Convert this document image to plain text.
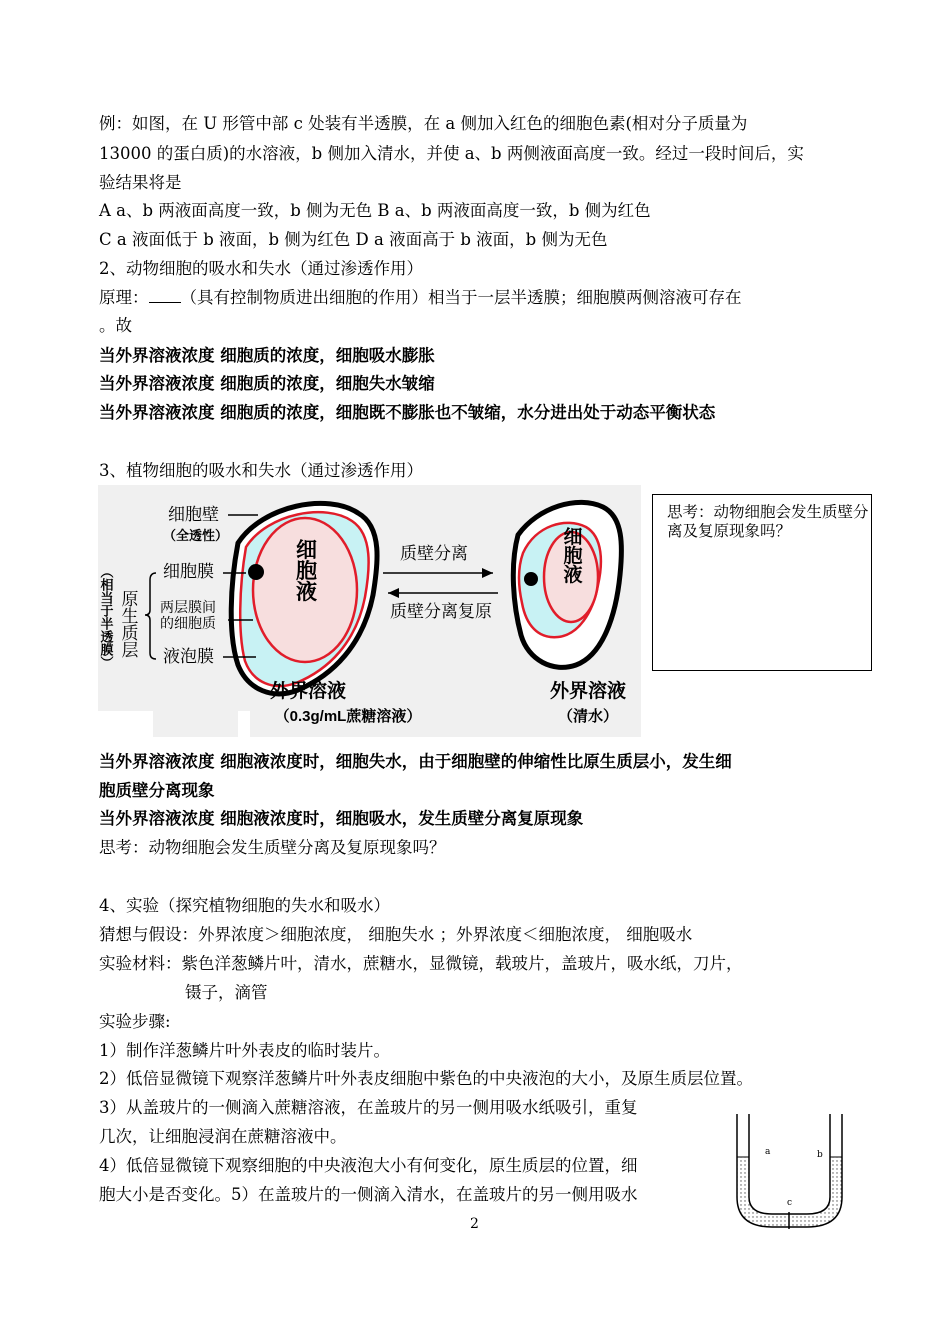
例：如图，在 U 形管中部 c 处装有半透膜，在 a 侧加入红色的细胞色素(相对分子质量为
13000 的蛋白质)的水溶液，b 侧加入清水，并使 a、b 两侧液面高度一致。经过一段时间后，实
验结果将是
A a、b 两液面高度一致，b 侧为无色 B a、b 两液面高度一致，b 侧为红色
C a 液面低于 b 液面，b 侧为红色 D a 液面高于 b 液面，b 侧为无色
2、动物细胞的吸水和失水（通过渗透作用）
原理： （具有控制物质进出细胞的作用）相当于一层半透膜；细胞膜两侧溶液可存在
。故
当外界溶液浓度 细胞质的浓度，细胞吸水膨胀
当外界溶液浓度 细胞质的浓度，细胞失水皱缩
当外界溶液浓度 细胞质的浓度，细胞既不膨胀也不皱缩，水分进出处于动态平衡状态
3、植物细胞的吸水和失水（通过渗透作用）
细胞液
细胞壁
（全透性）
细胞膜
两层膜间
的细胞质
液泡膜
原生质层
（相当于半透膜）
质壁分离
质壁分离复原
细胞液
外界溶液
（0.3g/mL蔗糖溶液）
外界溶液
（清水）
思考：动物细胞会发生质壁分离及复原现象吗？
当外界溶液浓度 细胞液浓度时，细胞失水，由于细胞壁的伸缩性比原生质层小，发生细
胞质壁分离现象
当外界溶液浓度 细胞液浓度时，细胞吸水，发生质壁分离复原现象
思考：动物细胞会发生质壁分离及复原现象吗？
4、实验（探究植物细胞的失水和吸水）
猜想与假设：外界浓度＞细胞浓度， 细胞失水 ；外界浓度＜细胞浓度， 细胞吸水
实验材料：紫色洋葱鳞片叶，清水，蔗糖水，显微镜，载玻片，盖玻片，吸水纸，刀片，
镊子，滴管
实验步骤:
1）制作洋葱鳞片叶外表皮的临时装片。
2）低倍显微镜下观察洋葱鳞片叶外表皮细胞中紫色的中央液泡的大小，及原生质层位置。
3）从盖玻片的一侧滴入蔗糖溶液，在盖玻片的另一侧用吸水纸吸引，重复
几次，让细胞浸润在蔗糖溶液中。
4）低倍显微镜下观察细胞的中央液泡大小有何变化，原生质层的位置，细
胞大小是否变化。5）在盖玻片的一侧滴入清水，在盖玻片的另一侧用吸水
a	b
c
2
